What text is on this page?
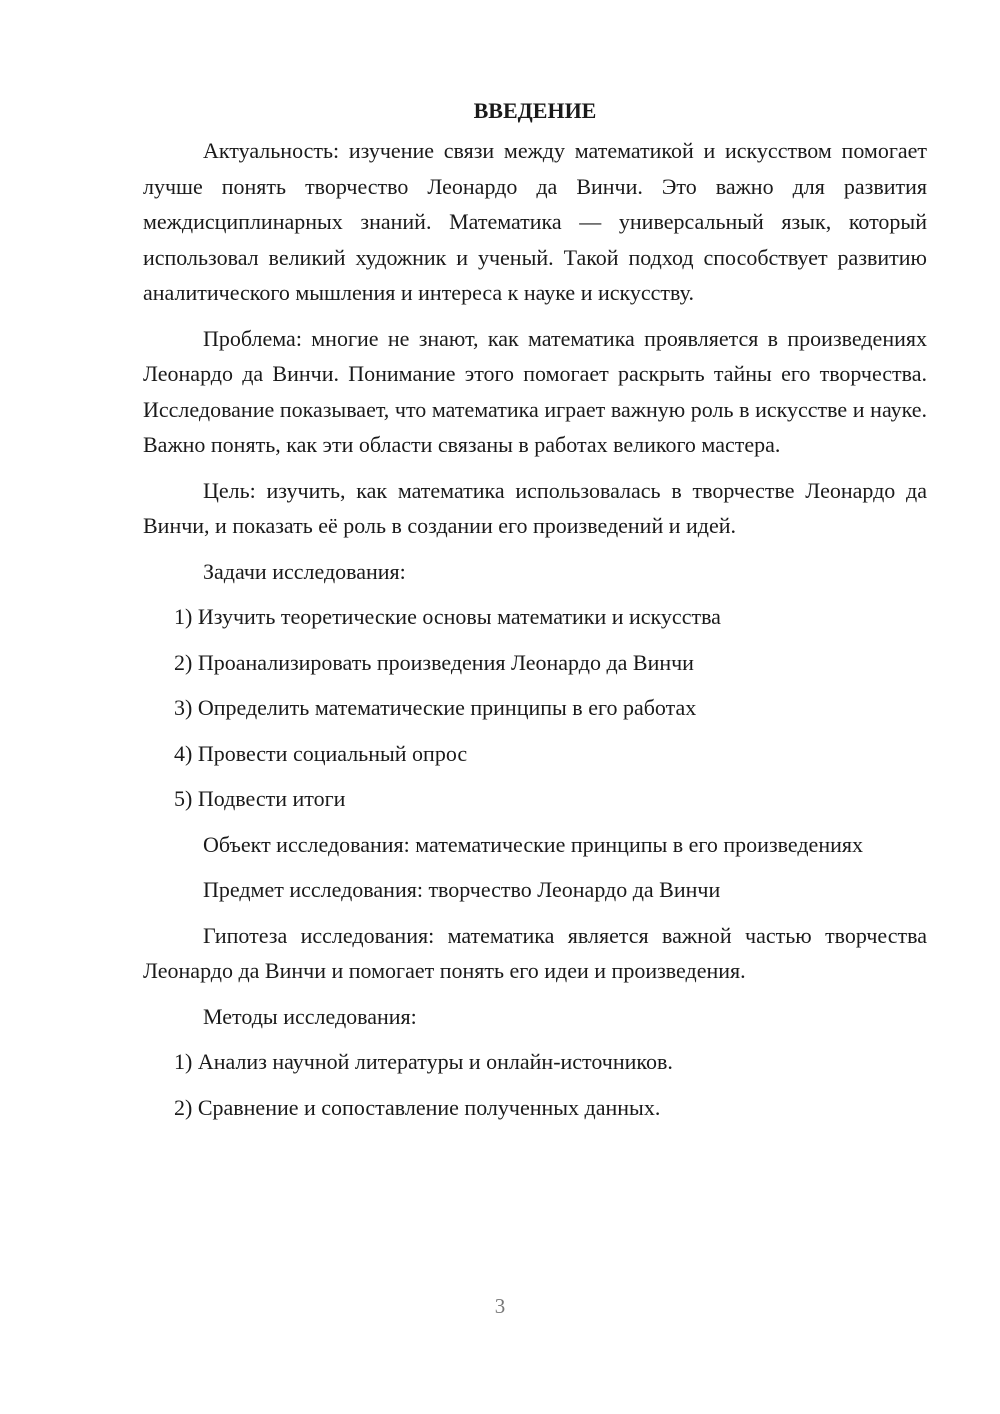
ВВЕДЕНИЕ

Актуальность: изучение связи между математикой и искусством помогает лучше понять творчество Леонардо да Винчи. Это важно для развития междисциплинарных знаний. Математика — универсальный язык, который использовал великий художник и ученый. Такой подход способствует развитию аналитического мышления и интереса к науке и искусству.

Проблема: многие не знают, как математика проявляется в произведениях Леонардо да Винчи. Понимание этого помогает раскрыть тайны его творчества. Исследование показывает, что математика играет важную роль в искусстве и науке. Важно понять, как эти области связаны в работах великого мастера.

Цель: изучить, как математика использовалась в творчестве Леонардо да Винчи, и показать её роль в создании его произведений и идей.

Задачи исследования:

1) Изучить теоретические основы математики и искусства

2) Проанализировать произведения Леонардо да Винчи

3) Определить математические принципы в его работах

4) Провести социальный опрос

5) Подвести итоги

Объект исследования: математические принципы в его произведениях

Предмет исследования: творчество Леонардо да Винчи

Гипотеза исследования: математика является важной частью творчества Леонардо да Винчи и помогает понять его идеи и произведения.

Методы исследования:

1) Анализ научной литературы и онлайн-источников.

2) Сравнение и сопоставление полученных данных.

3
